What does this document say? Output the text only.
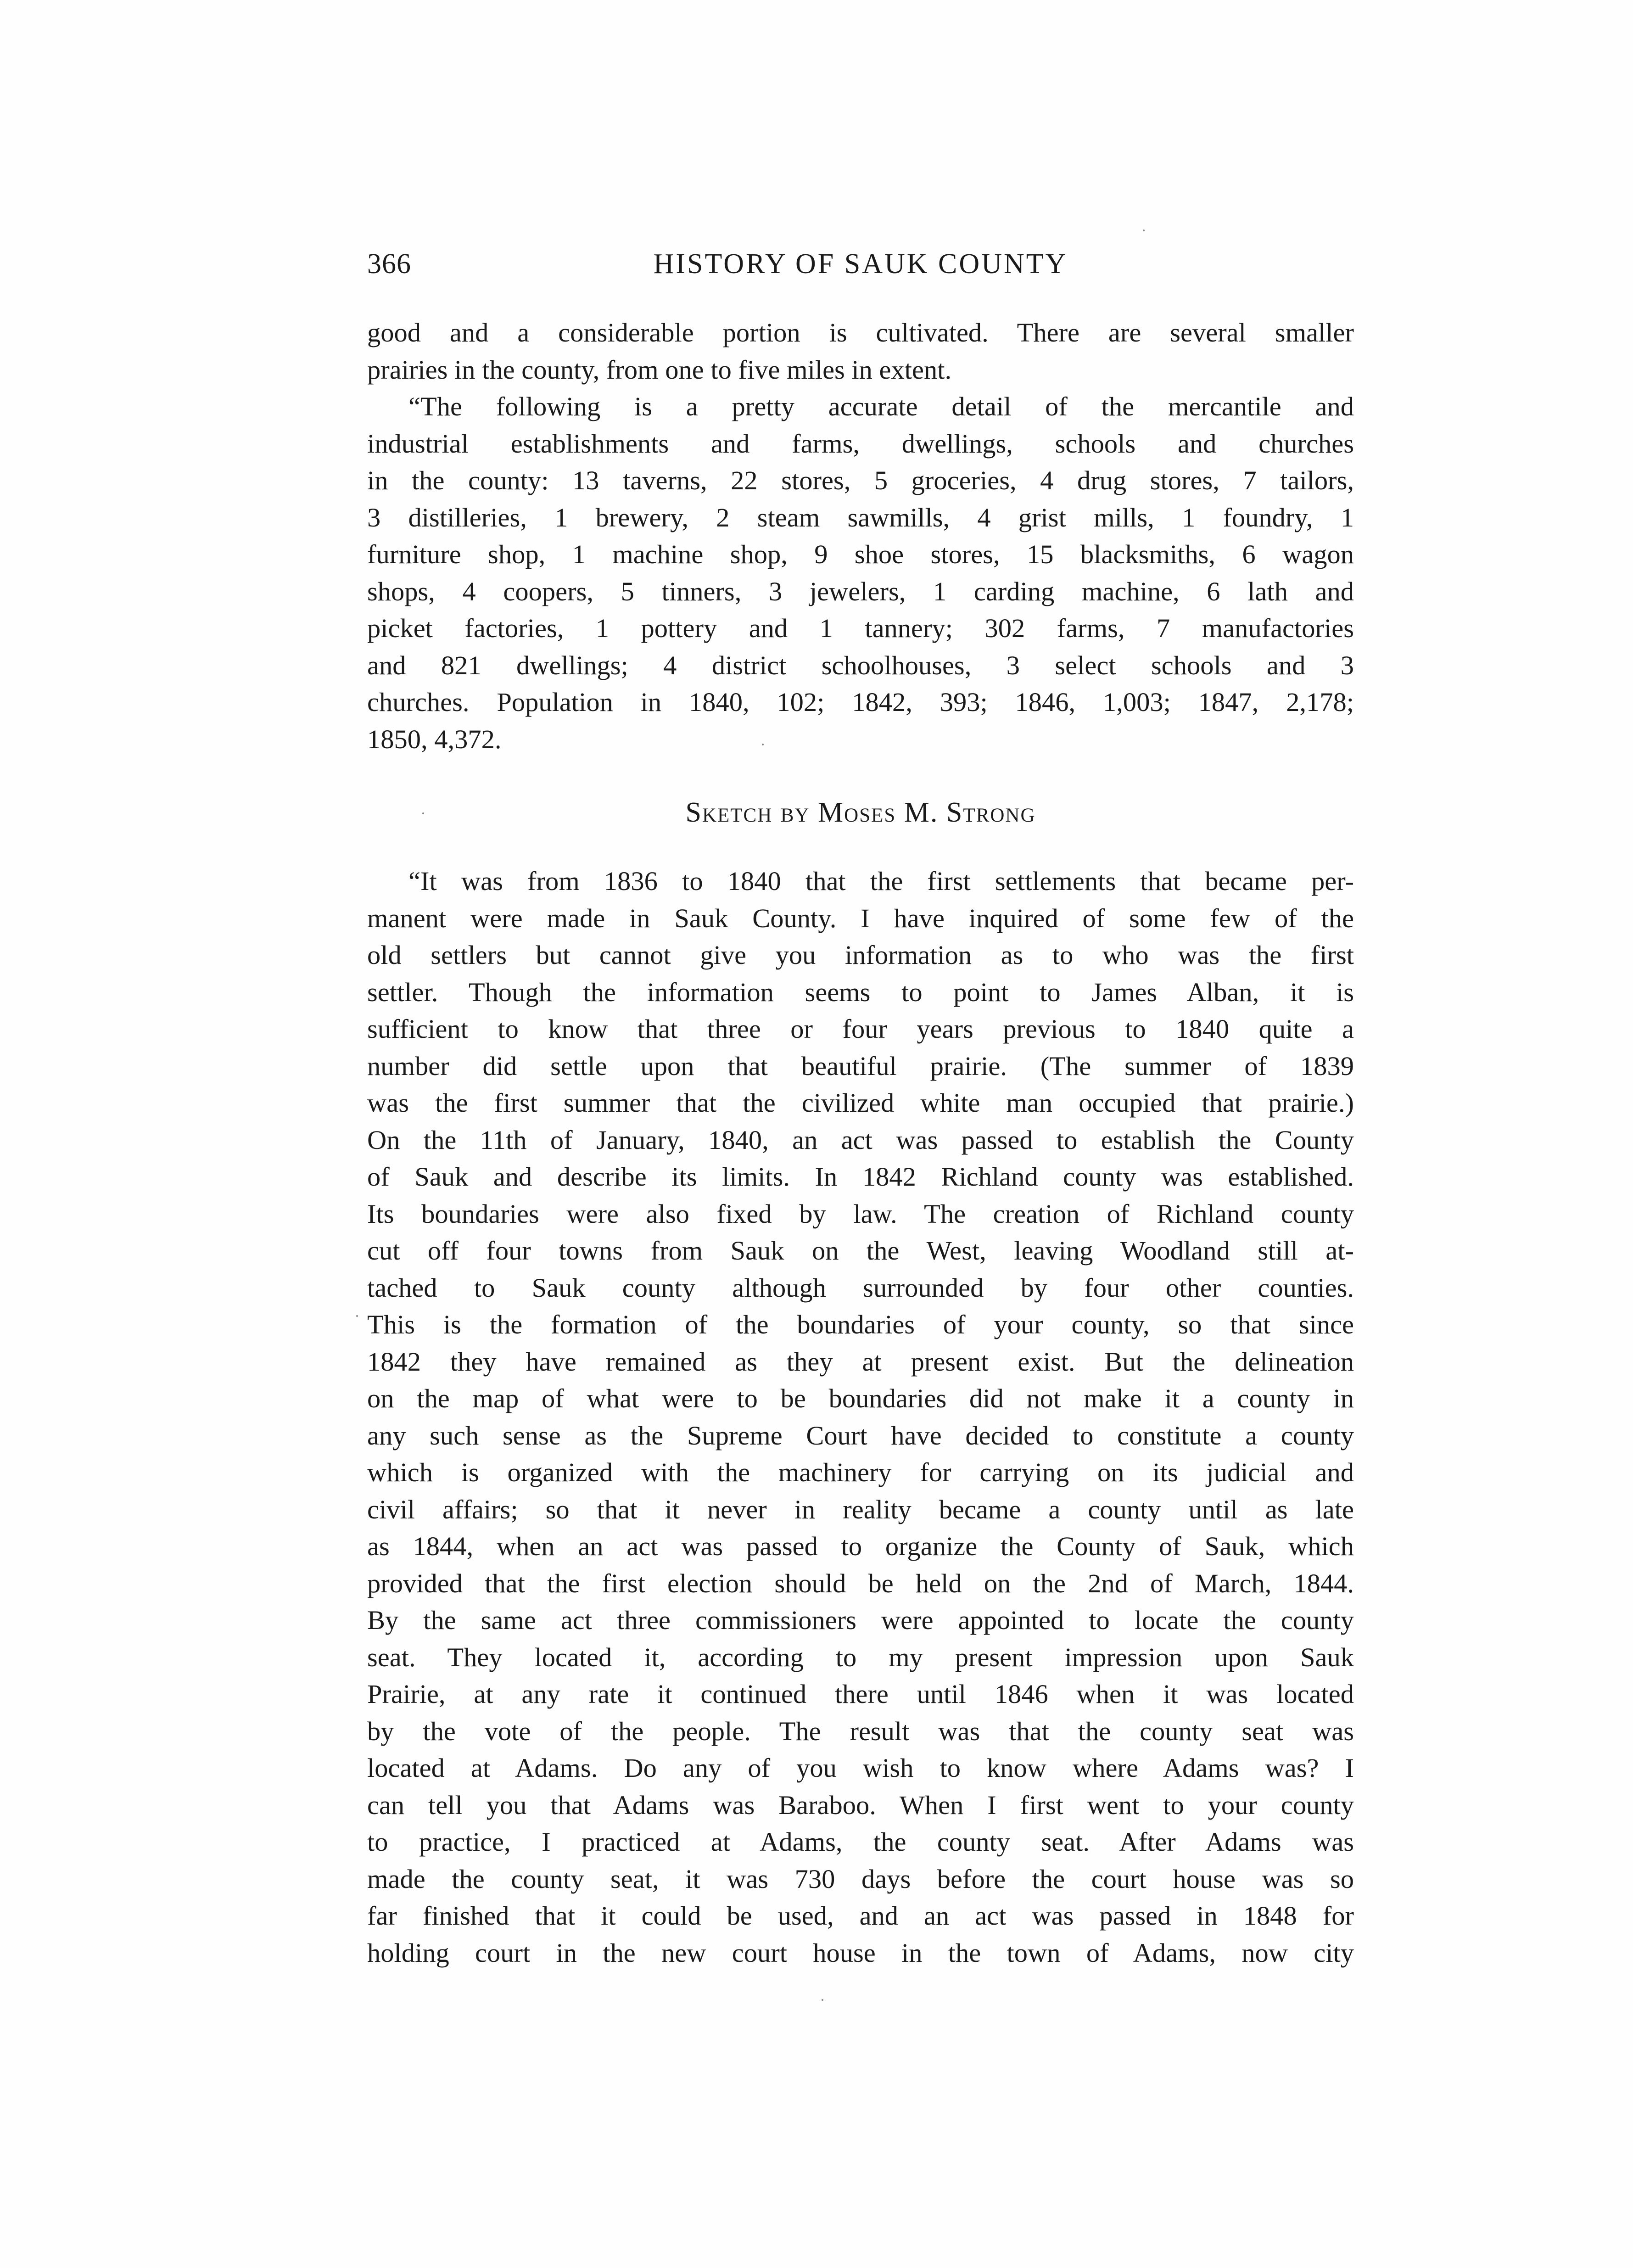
366	HISTORY OF SAUK COUNTY
good and a considerable portion is cultivated. There are several smaller
prairies in the county, from one to five miles in extent.
“The following is a pretty accurate detail of the mercantile and
industrial establishments and farms, dwellings, schools and churches
in the county: 13 taverns, 22 stores, 5 groceries, 4 drug stores, 7 tailors,
3 distilleries, 1 brewery, 2 steam sawmills, 4 grist mills, 1 foundry, 1
furniture shop, 1 machine shop, 9 shoe stores, 15 blacksmiths, 6 wagon
shops, 4 coopers, 5 tinners, 3 jewelers, 1 carding machine, 6 lath and
picket factories, 1 pottery and 1 tannery; 302 farms, 7 manufactories
and 821 dwellings; 4 district schoolhouses, 3 select schools and 3
churches. Population in 1840, 102; 1842, 393; 1846, 1,003; 1847, 2,178;
1850, 4,372.
Sketch by Moses M. Strong
“It was from 1836 to 1840 that the first settlements that became per-
manent were made in Sauk County. I have inquired of some few of the
old settlers but cannot give you information as to who was the first
settler. Though the information seems to point to James Alban, it is
sufficient to know that three or four years previous to 1840 quite a
number did settle upon that beautiful prairie. (The summer of 1839
was the first summer that the civilized white man occupied that prairie.)
On the 11th of January, 1840, an act was passed to establish the County
of Sauk and describe its limits. In 1842 Richland county was established.
Its boundaries were also fixed by law. The creation of Richland county
cut off four towns from Sauk on the West, leaving Woodland still at-
tached to Sauk county although surrounded by four other counties.
This is the formation of the boundaries of your county, so that since
1842 they have remained as they at present exist. But the delineation
on the map of what were to be boundaries did not make it a county in
any such sense as the Supreme Court have decided to constitute a county
which is organized with the machinery for carrying on its judicial and
civil affairs; so that it never in reality became a county until as late
as 1844, when an act was passed to organize the County of Sauk, which
provided that the first election should be held on the 2nd of March, 1844.
By the same act three commissioners were appointed to locate the county
seat. They located it, according to my present impression upon Sauk
Prairie, at any rate it continued there until 1846 when it was located
by the vote of the people. The result was that the county seat was
located at Adams. Do any of you wish to know where Adams was? I
can tell you that Adams was Baraboo. When I first went to your county
to practice, I practiced at Adams, the county seat. After Adams was
made the county seat, it was 730 days before the court house was so
far finished that it could be used, and an act was passed in 1848 for
holding court in the new court house in the town of Adams, now city
